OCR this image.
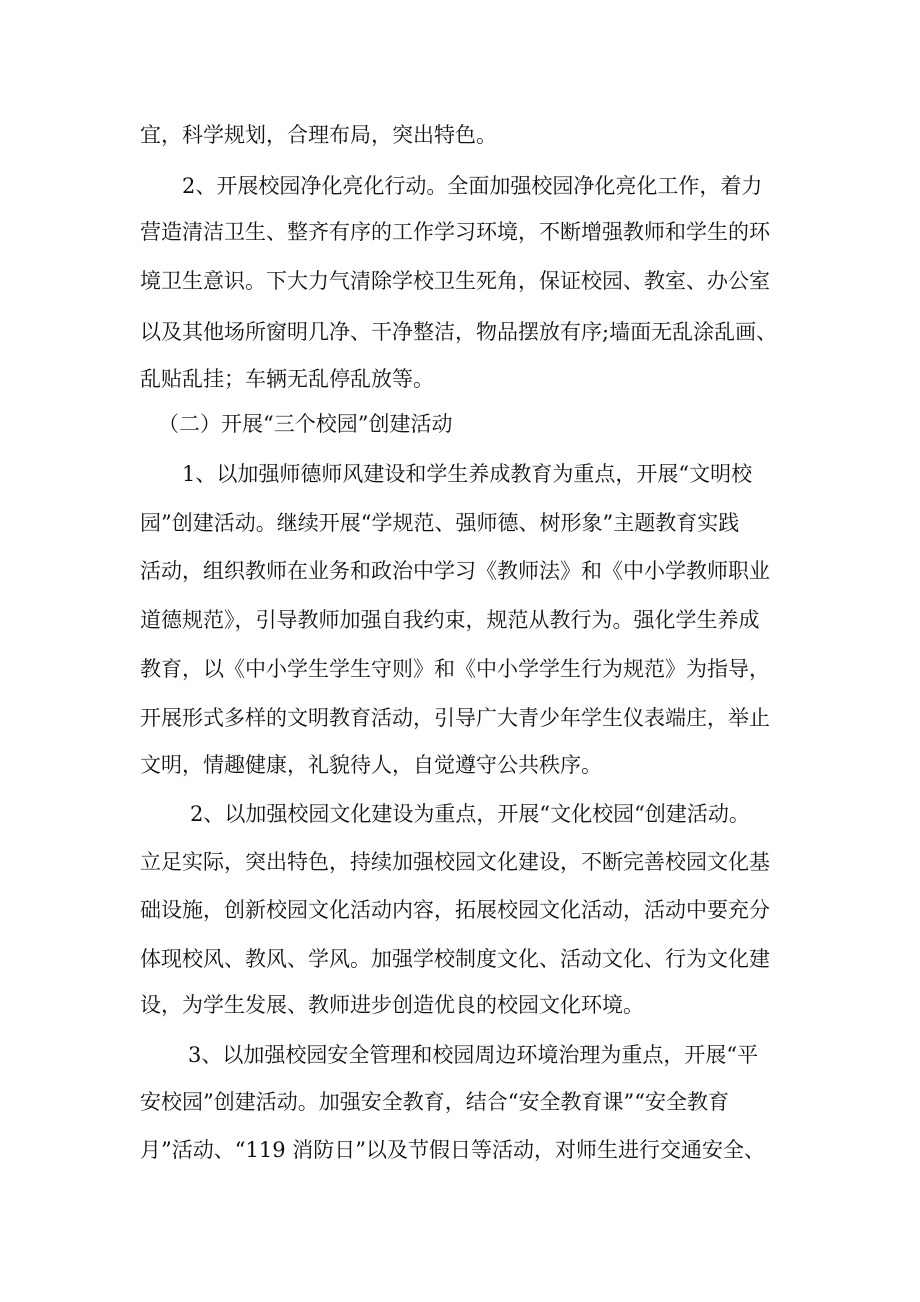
宜，科学规划，合理布局，突出特色。

2、开展校园净化亮化行动。全面加强校园净化亮化工作，着力

营造清洁卫生、整齐有序的工作学习环境，不断增强教师和学生的环

境卫生意识。下大力气清除学校卫生死角，保证校园、教室、办公室

以及其他场所窗明几净、干净整洁，物品摆放有序;墙面无乱涂乱画、

乱贴乱挂；车辆无乱停乱放等。

（二）开展“三个校园”创建活动

1、以加强师德师风建设和学生养成教育为重点，开展“文明校

园”创建活动。继续开展“学规范、强师德、树形象”主题教育实践

活动，组织教师在业务和政治中学习《教师法》和《中小学教师职业

道德规范》，引导教师加强自我约束，规范从教行为。强化学生养成

教育，以《中小学生学生守则》和《中小学学生行为规范》为指导，

开展形式多样的文明教育活动，引导广大青少年学生仪表端庄，举止

文明，情趣健康，礼貌待人，自觉遵守公共秩序。

2、以加强校园文化建设为重点，开展“文化校园“创建活动。

立足实际，突出特色，持续加强校园文化建设，不断完善校园文化基

础设施，创新校园文化活动内容，拓展校园文化活动，活动中要充分

体现校风、教风、学风。加强学校制度文化、活动文化、行为文化建

设，为学生发展、教师进步创造优良的校园文化环境。

3、以加强校园安全管理和校园周边环境治理为重点，开展“平

安校园”创建活动。加强安全教育，结合“安全教育课”“安全教育

月”活动、“119 消防日”以及节假日等活动，对师生进行交通安全、
